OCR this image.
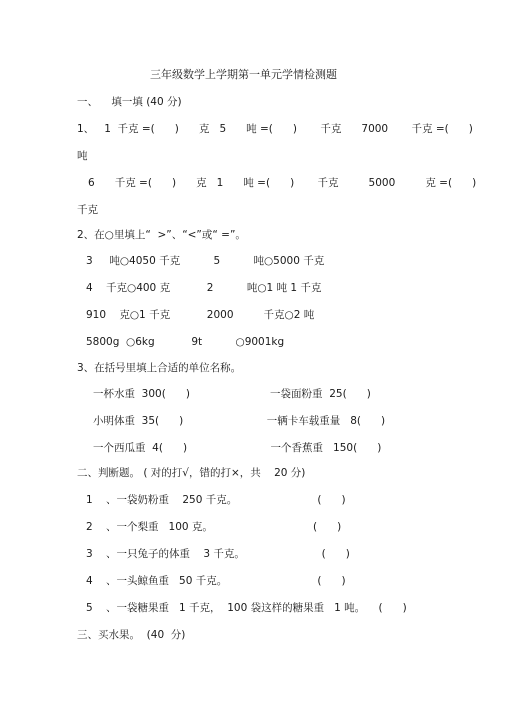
三年级数学上学期第一单元学情检测题
一、    填一填 (40 分)
1、   1  千克 =(      )      克   5      吨 =(      )       千克      7000       千克 =(      )
吨
6      千克 =(      )      克   1      吨 =(      )       千克         5000         克 =(      )
千克
2、在○里填上“  >”、“<”或“ =”。
3     吨○4050 千克          5          吨○5000 千克
4    千克○400 克           2          吨○1 吨 1 千克
910    克○1 千克           2000         千克○2 吨
5800g  ○6kg           9t          ○9001kg
3、在括号里填上合适的单位名称。
一杯水重  300(      )                        一袋面粉重  25(      )
小明体重  35(      )                         一辆卡车载重量   8(      )
一个西瓜重  4(      )                         一个香蕉重   150(      )
二、判断题。 ( 对的打√，错的打×，共    20 分)
1    、一袋奶粉重    250 千克。                        (      )
2    、一个梨重   100 克。                              (      )
3    、一只兔子的体重    3 千克。                       (      )
4    、一头鲸鱼重   50 千克。                           (      )
5    、一袋糖果重   1 千克，  100 袋这样的糖果重   1 吨。    (      )
三、买水果。  (40  分)
